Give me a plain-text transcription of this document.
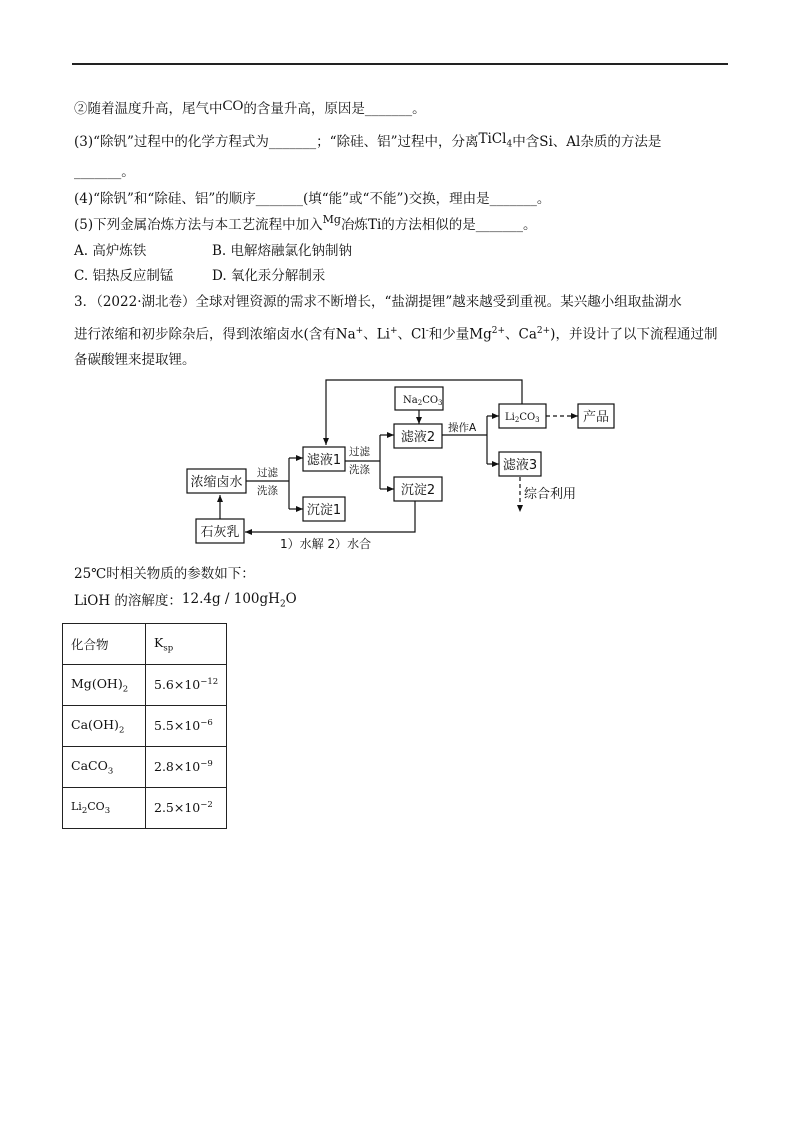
②随着温度升高，尾气中CO的含量升高，原因是_______。
(3)“除钒”过程中的化学方程式为_______；“除硅、铝”过程中，分离TiCl$_4$中含Si、Al杂质的方法是
_______。
(4)“除钒”和“除硅、铝”的顺序_______(填“能”或“不能”)交换，理由是_______。
(5)下列金属冶炼方法与本工艺流程中加入$^{Mg}$冶炼Ti的方法相似的是_______。
A. 高炉炼铁	B. 电解熔融氯化钠制钠
C. 铝热反应制锰	D. 氧化汞分解制汞
3．（2022·湖北卷）全球对锂资源的需求不断增长，“盐湖提锂”越来越受到重视。某兴趣小组取盐湖水
进行浓缩和初步除杂后，得到浓缩卤水(含有Na+、Li+、Cl-和少量$Mg^{2+}$、$Ca^{2+}$)，并设计了以下流程通过制
备碳酸锂来提取锂。
浓缩卤水
滤液1
沉淀1
滤液2
沉淀2
产品
滤液3
石灰乳
综合利用
$Na_2CO_3$
$Li_2CO_3$
过滤
洗涤
过滤
洗涤
操作A
1）水解 2）水合
25℃时相关物质的参数如下：
LiOH 的溶解度：$12.4g / 100gH_2O$
化合物	$K_{sp}$
$Mg(OH)_2$	$5.6\times 10^{-12}$
$Ca(OH)_2$	$5.5\times 10^{-6}$
CaCO$_3$	$2.8\times 10^{-9}$
$Li_2CO_3$	$2.5\times 10^{-2}$
